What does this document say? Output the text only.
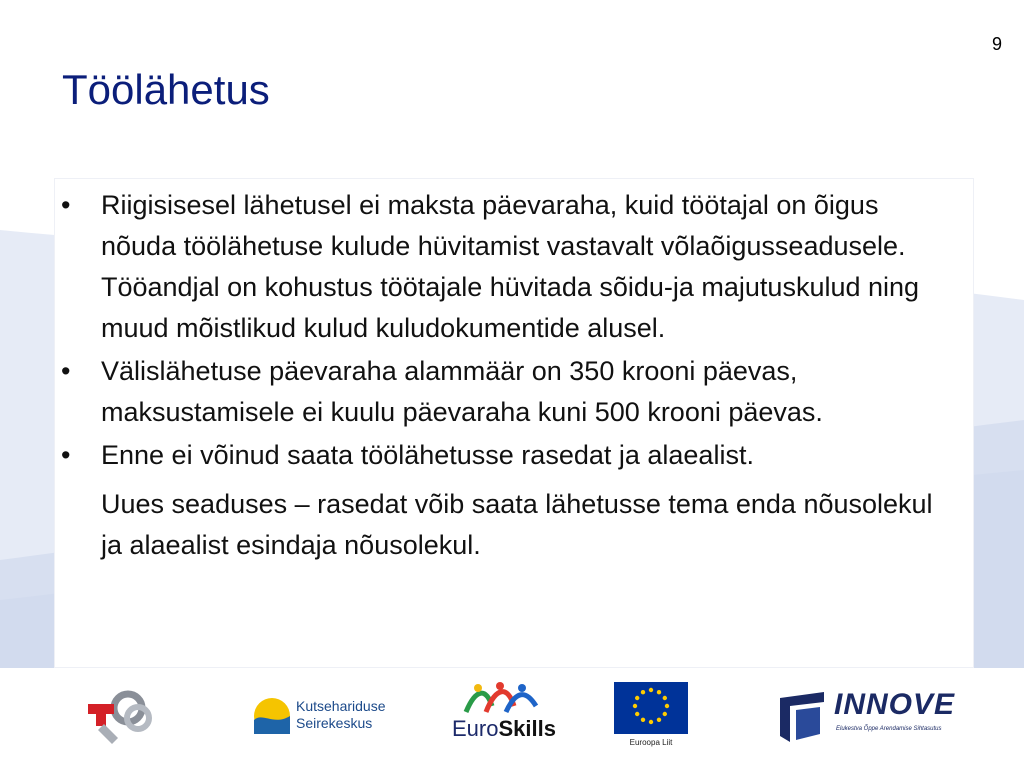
9
Töölähetus
• Riigisisesel lähetusel ei maksta päevaraha, kuid töötajal on õigus nõuda töölähetuse kulude hüvitamist vastavalt võlaõigusseadusele. Tööandjal on kohustus töötajale hüvitada sõidu-ja majutuskulud ning muud mõistlikud kulud kuludokumentide alusel.
• Välislähetuse päevaraha alammäär on 350 krooni päevas, maksustamisele ei kuulu päevaraha kuni 500 krooni päevas.
• Enne ei võinud saata töölähetusse rasedat ja alaealist.
Uues seaduses – rasedat võib saata lähetusse tema enda nõusolekul ja alaealist esindaja nõusolekul.
Kutsehariduse
Seirekeskus	EuroSkills
Euroopa Liit
INNOVE
Elukestva Õppe Arendamise Sihtasutus
